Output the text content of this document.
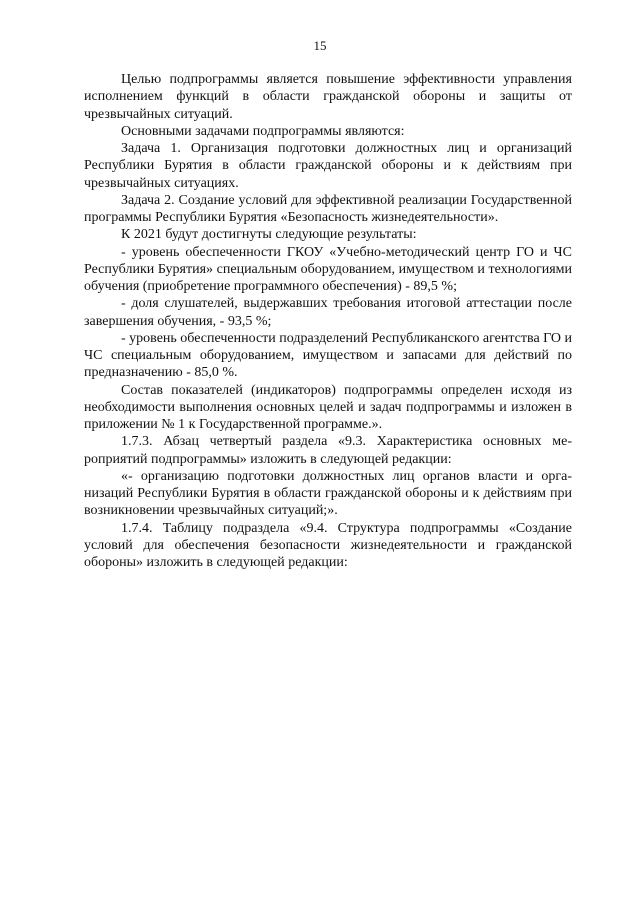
15

Целью подпрограммы является повышение эффективности управления исполнением функций в области гражданской обороны и защиты от чрезвычайных ситуаций.

Основными задачами подпрограммы являются:

Задача 1. Организация подготовки должностных лиц и организаций Республики Бурятия в области гражданской обороны и к действиям при чрезвычайных ситуациях.

Задача 2. Создание условий для эффективной реализации Государственной программы Республики Бурятия «Безопасность жизнедеятельности».

К 2021 будут достигнуты следующие результаты:

- уровень обеспеченности ГКОУ «Учебно-методический центр ГО и ЧС Республики Бурятия» специальным оборудованием, имуществом и технологиями обучения (приобретение программного обеспечения) - 89,5 %;

- доля слушателей, выдержавших требования итоговой аттестации после завершения обучения, - 93,5 %;

- уровень обеспеченности подразделений Республиканского агентства ГО и ЧС специальным оборудованием, имуществом и запасами для действий по предназначению - 85,0 %.

Состав показателей (индикаторов) подпрограммы определен исходя из необходимости выполнения основных целей и задач подпрограммы и изложен в приложении № 1 к Государственной программе.».

1.7.3. Абзац четвертый раздела «9.3. Характеристика основных мероприятий подпрограммы» изложить в следующей редакции:

«- организацию подготовки должностных лиц органов власти и организаций Республики Бурятия в области гражданской обороны и к действиям при возникновении чрезвычайных ситуаций;».

1.7.4. Таблицу подраздела «9.4. Структура подпрограммы «Создание условий для обеспечения безопасности жизнедеятельности и гражданской обороны» изложить в следующей редакции:
